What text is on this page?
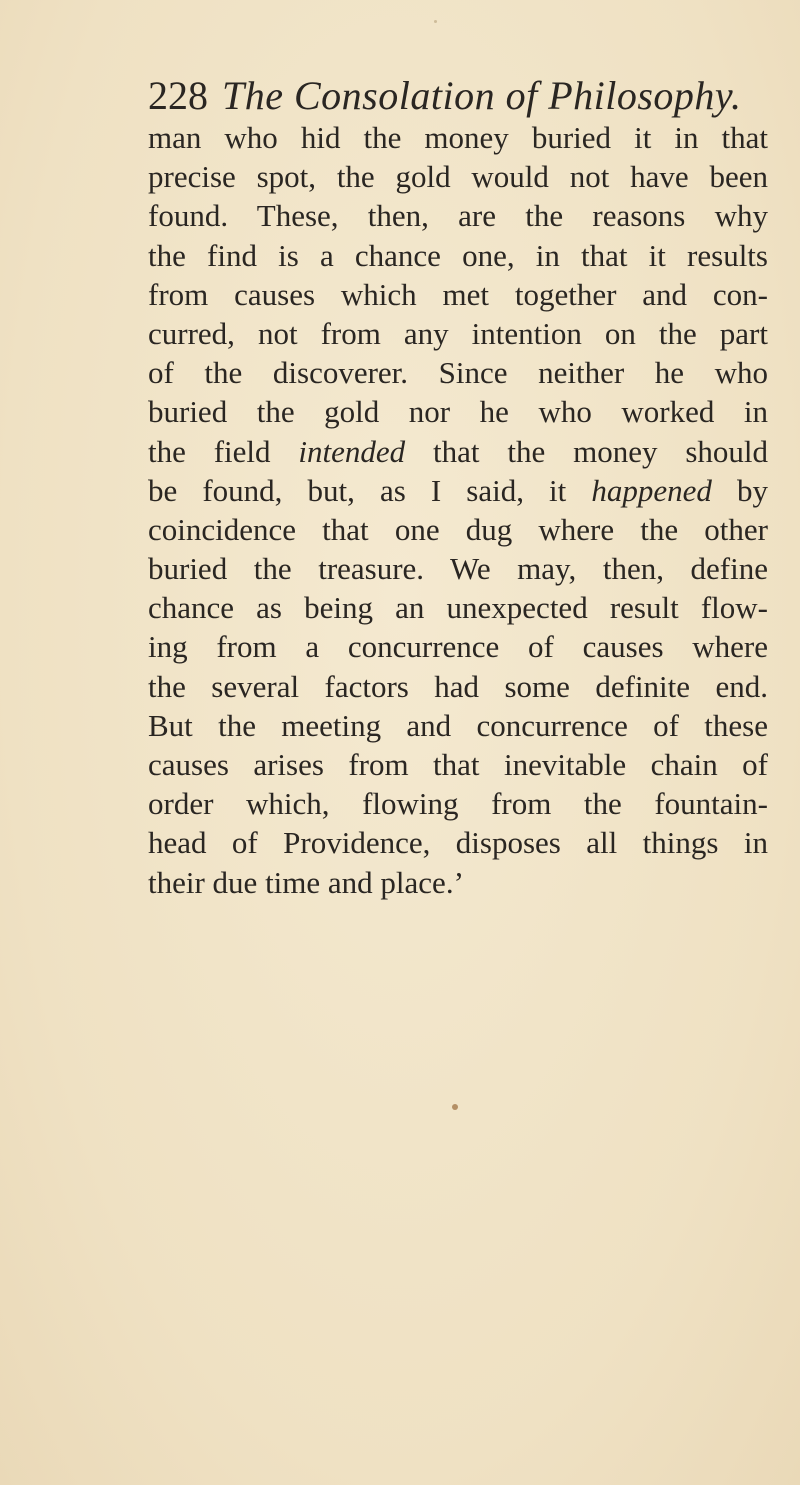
228 The Consolation of Philosophy.
man who hid the money buried it in that
precise spot, the gold would not have been
found. These, then, are the reasons why
the find is a chance one, in that it results
from causes which met together and con-
curred, not from any intention on the part
of the discoverer. Since neither he who
buried the gold nor he who worked in
the field intended that the money should
be found, but, as I said, it happened by
coincidence that one dug where the other
buried the treasure. We may, then, define
chance as being an unexpected result flow-
ing from a concurrence of causes where
the several factors had some definite end.
But the meeting and concurrence of these
causes arises from that inevitable chain of
order which, flowing from the fountain-
head of Providence, disposes all things in
their due time and place.’
